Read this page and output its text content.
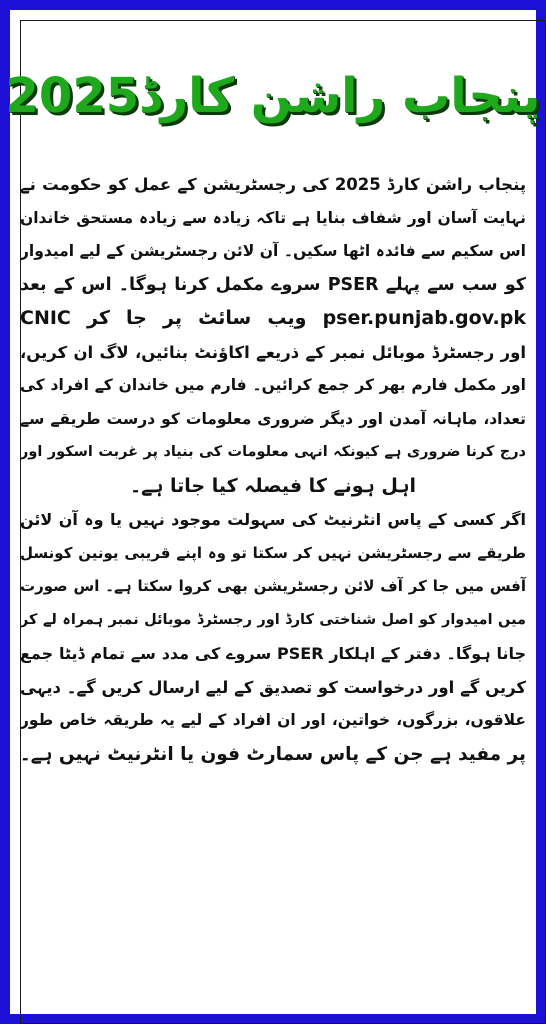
پنجاب راشن کارڈ2025

پنجاب راشن کارڈ 2025 کی رجسٹریشن کے عمل کو حکومت نے
نہایت آسان اور شفاف بنایا ہے تاکہ زیادہ سے زیادہ مستحق خاندان
اس سکیم سے فائدہ اٹھا سکیں۔ آن لائن رجسٹریشن کے لیے امیدوار
کو سب سے پہلے PSER سروے مکمل کرنا ہوگا۔ اس کے بعد
pser.punjab.gov.pk ویب سائٹ پر جا کر CNIC
اور رجسٹرڈ موبائل نمبر کے ذریعے اکاؤنٹ بنائیں، لاگ ان کریں،
اور مکمل فارم بھر کر جمع کرائیں۔ فارم میں خاندان کے افراد کی
تعداد، ماہانہ آمدن اور دیگر ضروری معلومات کو درست طریقے سے
درج کرنا ضروری ہے کیونکہ انہی معلومات کی بنیاد پر غربت اسکور اور
اہل ہونے کا فیصلہ کیا جاتا ہے۔

اگر کسی کے پاس انٹرنیٹ کی سہولت موجود نہیں یا وہ آن لائن
طریقے سے رجسٹریشن نہیں کر سکتا تو وہ اپنے قریبی یونین کونسل
آفس میں جا کر آف لائن رجسٹریشن بھی کروا سکتا ہے۔ اس صورت
میں امیدوار کو اصل شناختی کارڈ اور رجسٹرڈ موبائل نمبر ہمراہ لے کر
جانا ہوگا۔ دفتر کے اہلکار PSER سروے کی مدد سے تمام ڈیٹا جمع
کریں گے اور درخواست کو تصدیق کے لیے ارسال کریں گے۔ دیہی
علاقوں، بزرگوں، خواتین، اور ان افراد کے لیے یہ طریقہ خاص طور
پر مفید ہے جن کے پاس سمارٹ فون یا انٹرنیٹ نہیں ہے۔
